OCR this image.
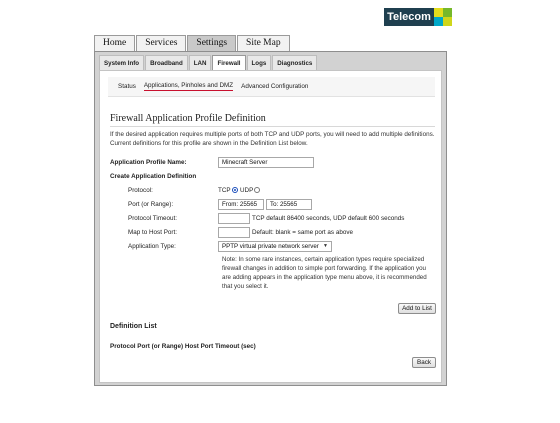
Telecom
Home	Services	Settings	Site Map
System Info	Broadband	LAN	Firewall	Logs	Diagnostics
Status Applications, Pinholes and DMZ Advanced Configuration
Firewall Application Profile Definition
If the desired application requires multiple ports of both TCP and UDP ports, you will need to add multiple definitions. Current definitions for this profile are shown in the Definition List below.
Application Profile Name:	Minecraft Server
Create Application Definition
Protocol:	TCP UDP
Port (or Range):	From: 25565	To: 25565
Protocol Timeout:	TCP default 86400 seconds, UDP default 600 seconds
Map to Host Port:	Default: blank = same port as above
Application Type:	PPTP virtual private network server ▼
Note: In some rare instances, certain application types require specialized firewall changes in addition to simple port forwarding. If the application you are adding appears in the application type menu above, it is recommended that you select it.
Add to List
Definition List
Protocol Port (or Range) Host Port Timeout (sec)
Back
